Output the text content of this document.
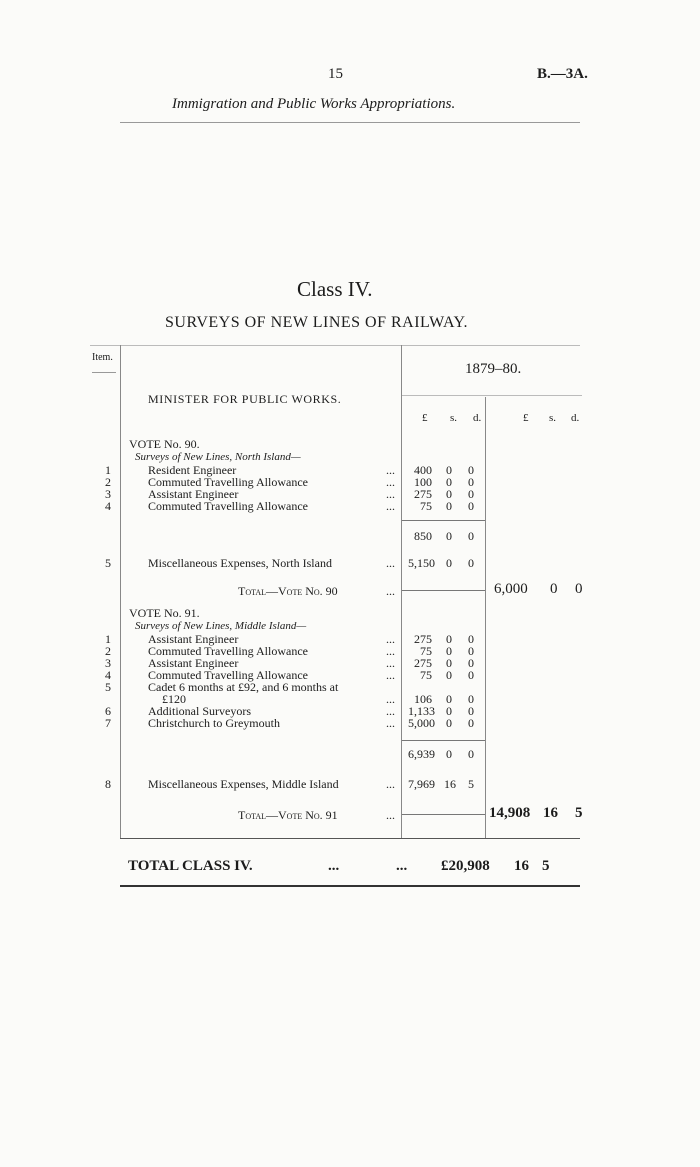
15	B.—3A.
Immigration and Public Works Appropriations.
Class IV.
SURVEYS OF NEW LINES OF RAILWAY.
Item.
1879–80.
MINISTER FOR PUBLIC WORKS.
£ s. d.	£ s. d.
VOTE No. 90.
Surveys of New Lines, North Island—
1	Resident Engineer	...	400 0 0
2	Commuted Travelling Allowance	...	100 0 0
3	Assistant Engineer	...	275 0 0
4	Commuted Travelling Allowance	...	75 0 0
850 0 0
5	Miscellaneous Expenses, North Island	... 5,150 0 0
Total—Vote No. 90	...	6,000 0 0
VOTE No. 91.
Surveys of New Lines, Middle Island—
1	Assistant Engineer	...	275 0 0
2	Commuted Travelling Allowance	...	75 0 0
3	Assistant Engineer	...	275 0 0
4	Commuted Travelling Allowance	...	75 0 0
5	Cadet 6 months at £92, and 6 months at
£120	...	106 0 0
6	Additional Surveyors	... 1,133 0 0
7	Christchurch to Greymouth	... 5,000 0 0
6,939 0 0
8	Miscellaneous Expenses, Middle Island	... 7,969 16 5
Total—Vote No. 91	...	14,908 16 5
TOTAL CLASS IV.	...	... £20,908 16 5
